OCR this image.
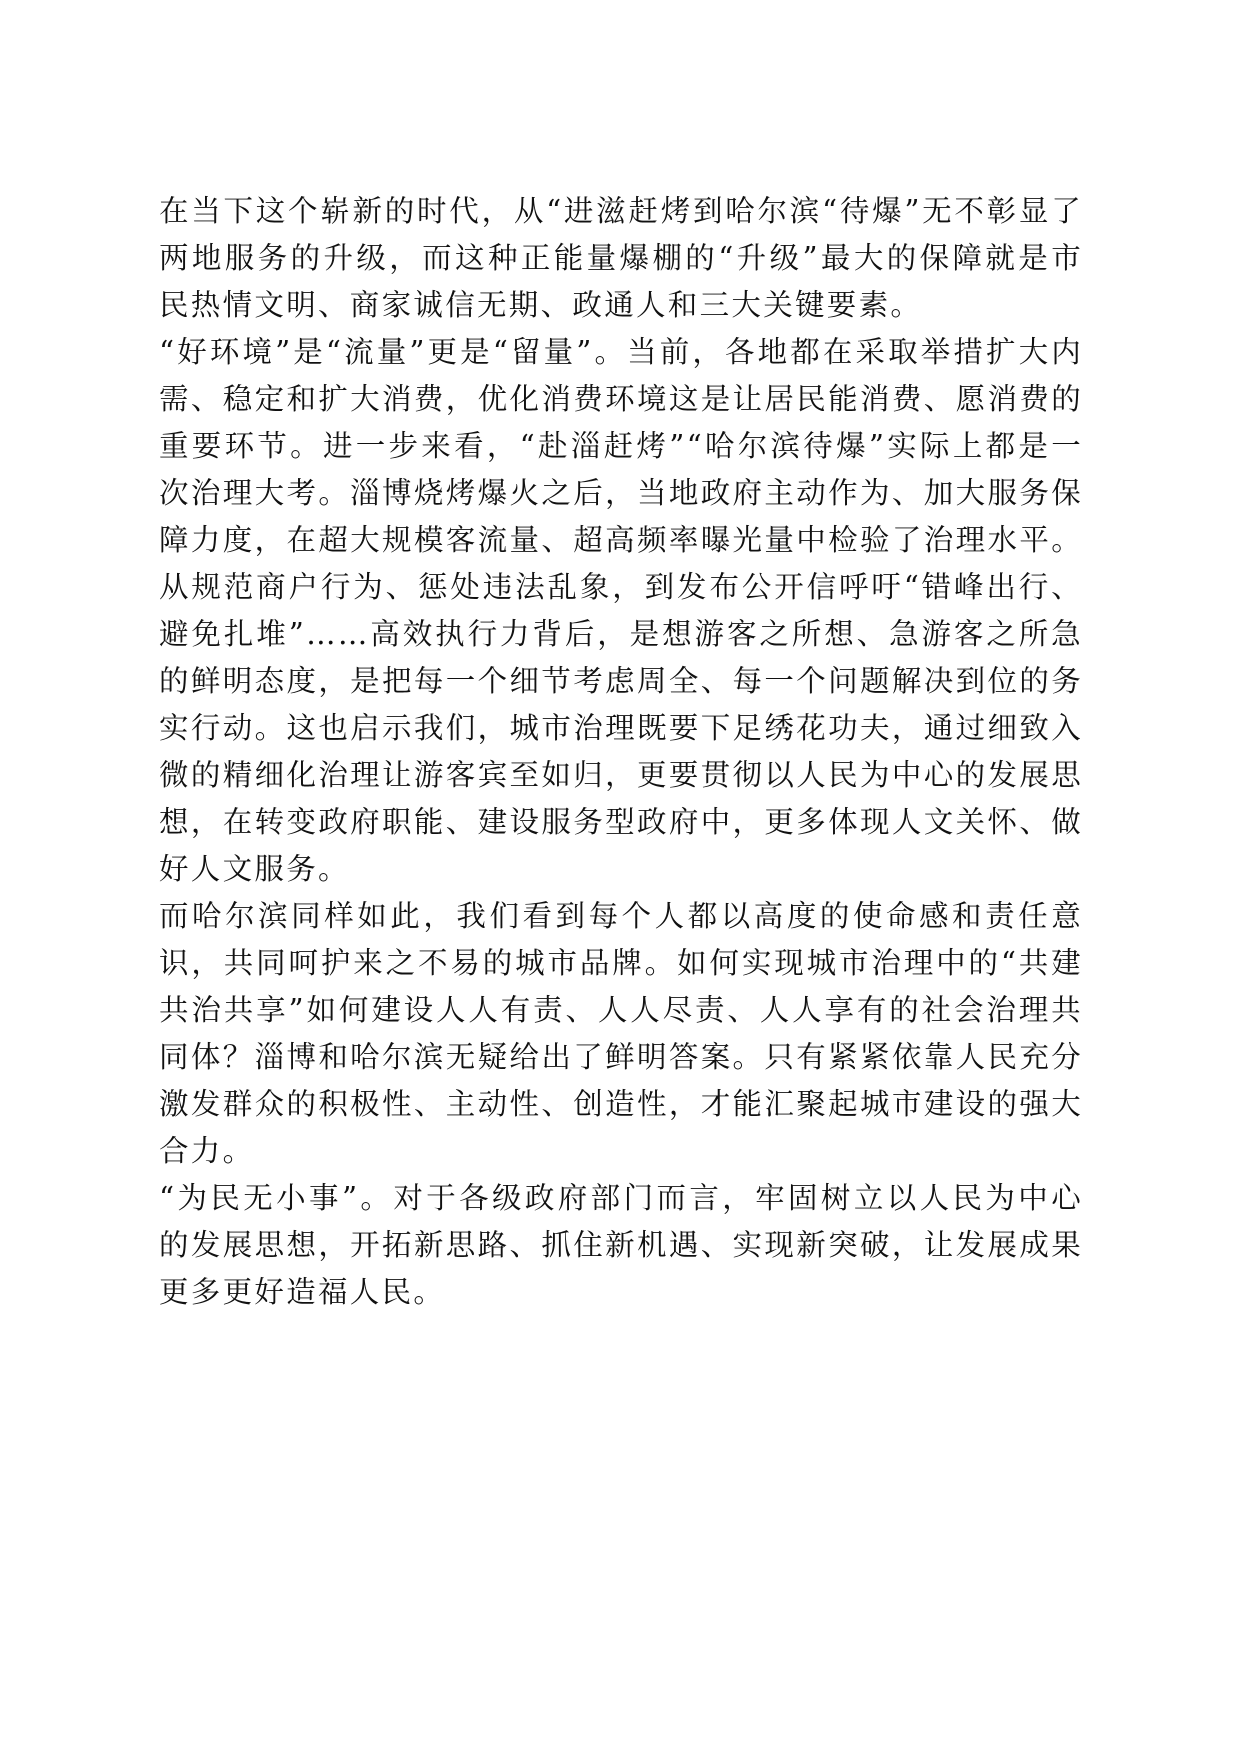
在当下这个崭新的时代，从“进滋赶烤到哈尔滨“待爆”无不彰显了两地服务的升级，而这种正能量爆棚的“升级”最大的保障就是市民热情文明、商家诚信无期、政通人和三大关键要素。

“好环境”是“流量”更是“留量”。当前，各地都在采取举措扩大内需、稳定和扩大消费，优化消费环境这是让居民能消费、愿消费的重要环节。进一步来看，“赴淄赶烤”“哈尔滨待爆”实际上都是一次治理大考。淄博烧烤爆火之后，当地政府主动作为、加大服务保障力度，在超大规模客流量、超高频率曝光量中检验了治理水平。从规范商户行为、惩处违法乱象，到发布公开信呼吁“错峰出行、避免扎堆”……高效执行力背后，是想游客之所想、急游客之所急的鲜明态度，是把每一个细节考虑周全、每一个问题解决到位的务实行动。这也启示我们，城市治理既要下足绣花功夫，通过细致入微的精细化治理让游客宾至如归，更要贯彻以人民为中心的发展思想，在转变政府职能、建设服务型政府中，更多体现人文关怀、做好人文服务。

而哈尔滨同样如此，我们看到每个人都以高度的使命感和责任意识，共同呵护来之不易的城市品牌。如何实现城市治理中的“共建共治共享”如何建设人人有责、人人尽责、人人享有的社会治理共同体？淄博和哈尔滨无疑给出了鲜明答案。只有紧紧依靠人民充分激发群众的积极性、主动性、创造性，才能汇聚起城市建设的强大合力。

“为民无小事”。对于各级政府部门而言，牢固树立以人民为中心的发展思想，开拓新思路、抓住新机遇、实现新突破，让发展成果更多更好造福人民。
